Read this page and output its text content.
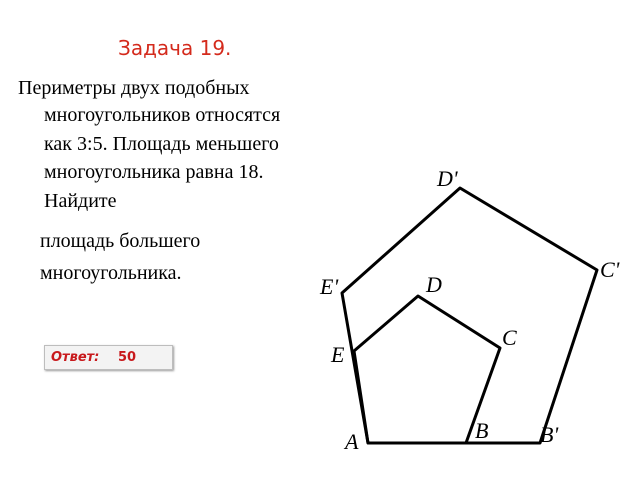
Задача 19.
Периметры двух подобных
многоугольников относятся
как 3:5. Площадь меньшего
многоугольника равна 18.
Найдите
площадь большего
многоугольника.
Ответ: 50
A	B
C
D
E
B'
C'
D'
E'
